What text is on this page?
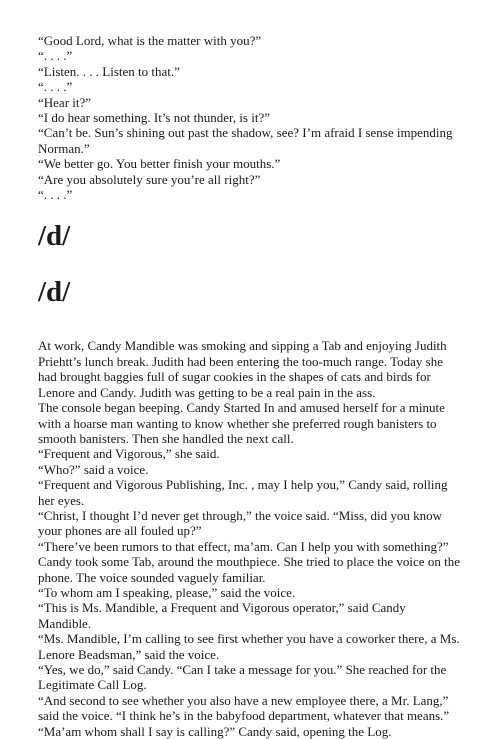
“Good Lord, what is the matter with you?”
“. . . .”
“Listen. . . . Listen to that.”
“. . . .”
“Hear it?”
“I do hear something. It’s not thunder, is it?”
“Can’t be. Sun’s shining out past the shadow, see? I’m afraid I sense impending Norman.”
“We better go. You better finish your mouths.”
“Are you absolutely sure you’re all right?”
“. . . .”
/d/
/d/
At work, Candy Mandible was smoking and sipping a Tab and enjoying Judith Priehtt’s lunch break. Judith had been entering the too-much range. Today she had brought baggies full of sugar cookies in the shapes of cats and birds for Lenore and Candy. Judith was getting to be a real pain in the ass.
The console began beeping. Candy Started In and amused herself for a minute with a hoarse man wanting to know whether she preferred rough banisters to smooth banisters. Then she handled the next call.
“Frequent and Vigorous,” she said.
“Who?” said a voice.
“Frequent and Vigorous Publishing, Inc. , may I help you,” Candy said, rolling her eyes.
“Christ, I thought I’d never get through,” the voice said. “Miss, did you know your phones are all fouled up?”
“There’ve been rumors to that effect, ma’am. Can I help you with something?” Candy took some Tab, around the mouthpiece. She tried to place the voice on the phone. The voice sounded vaguely familiar.
“To whom am I speaking, please,” said the voice.
“This is Ms. Mandible, a Frequent and Vigorous operator,” said Candy Mandible.
“Ms. Mandible, I’m calling to see first whether you have a coworker there, a Ms. Lenore Beadsman,” said the voice.
“Yes, we do,” said Candy. “Can I take a message for you.” She reached for the Legitimate Call Log.
“And second to see whether you also have a new employee there, a Mr. Lang,” said the voice. “I think he’s in the babyfood department, whatever that means.”
“Ma’am whom shall I say is calling?” Candy said, opening the Log.
